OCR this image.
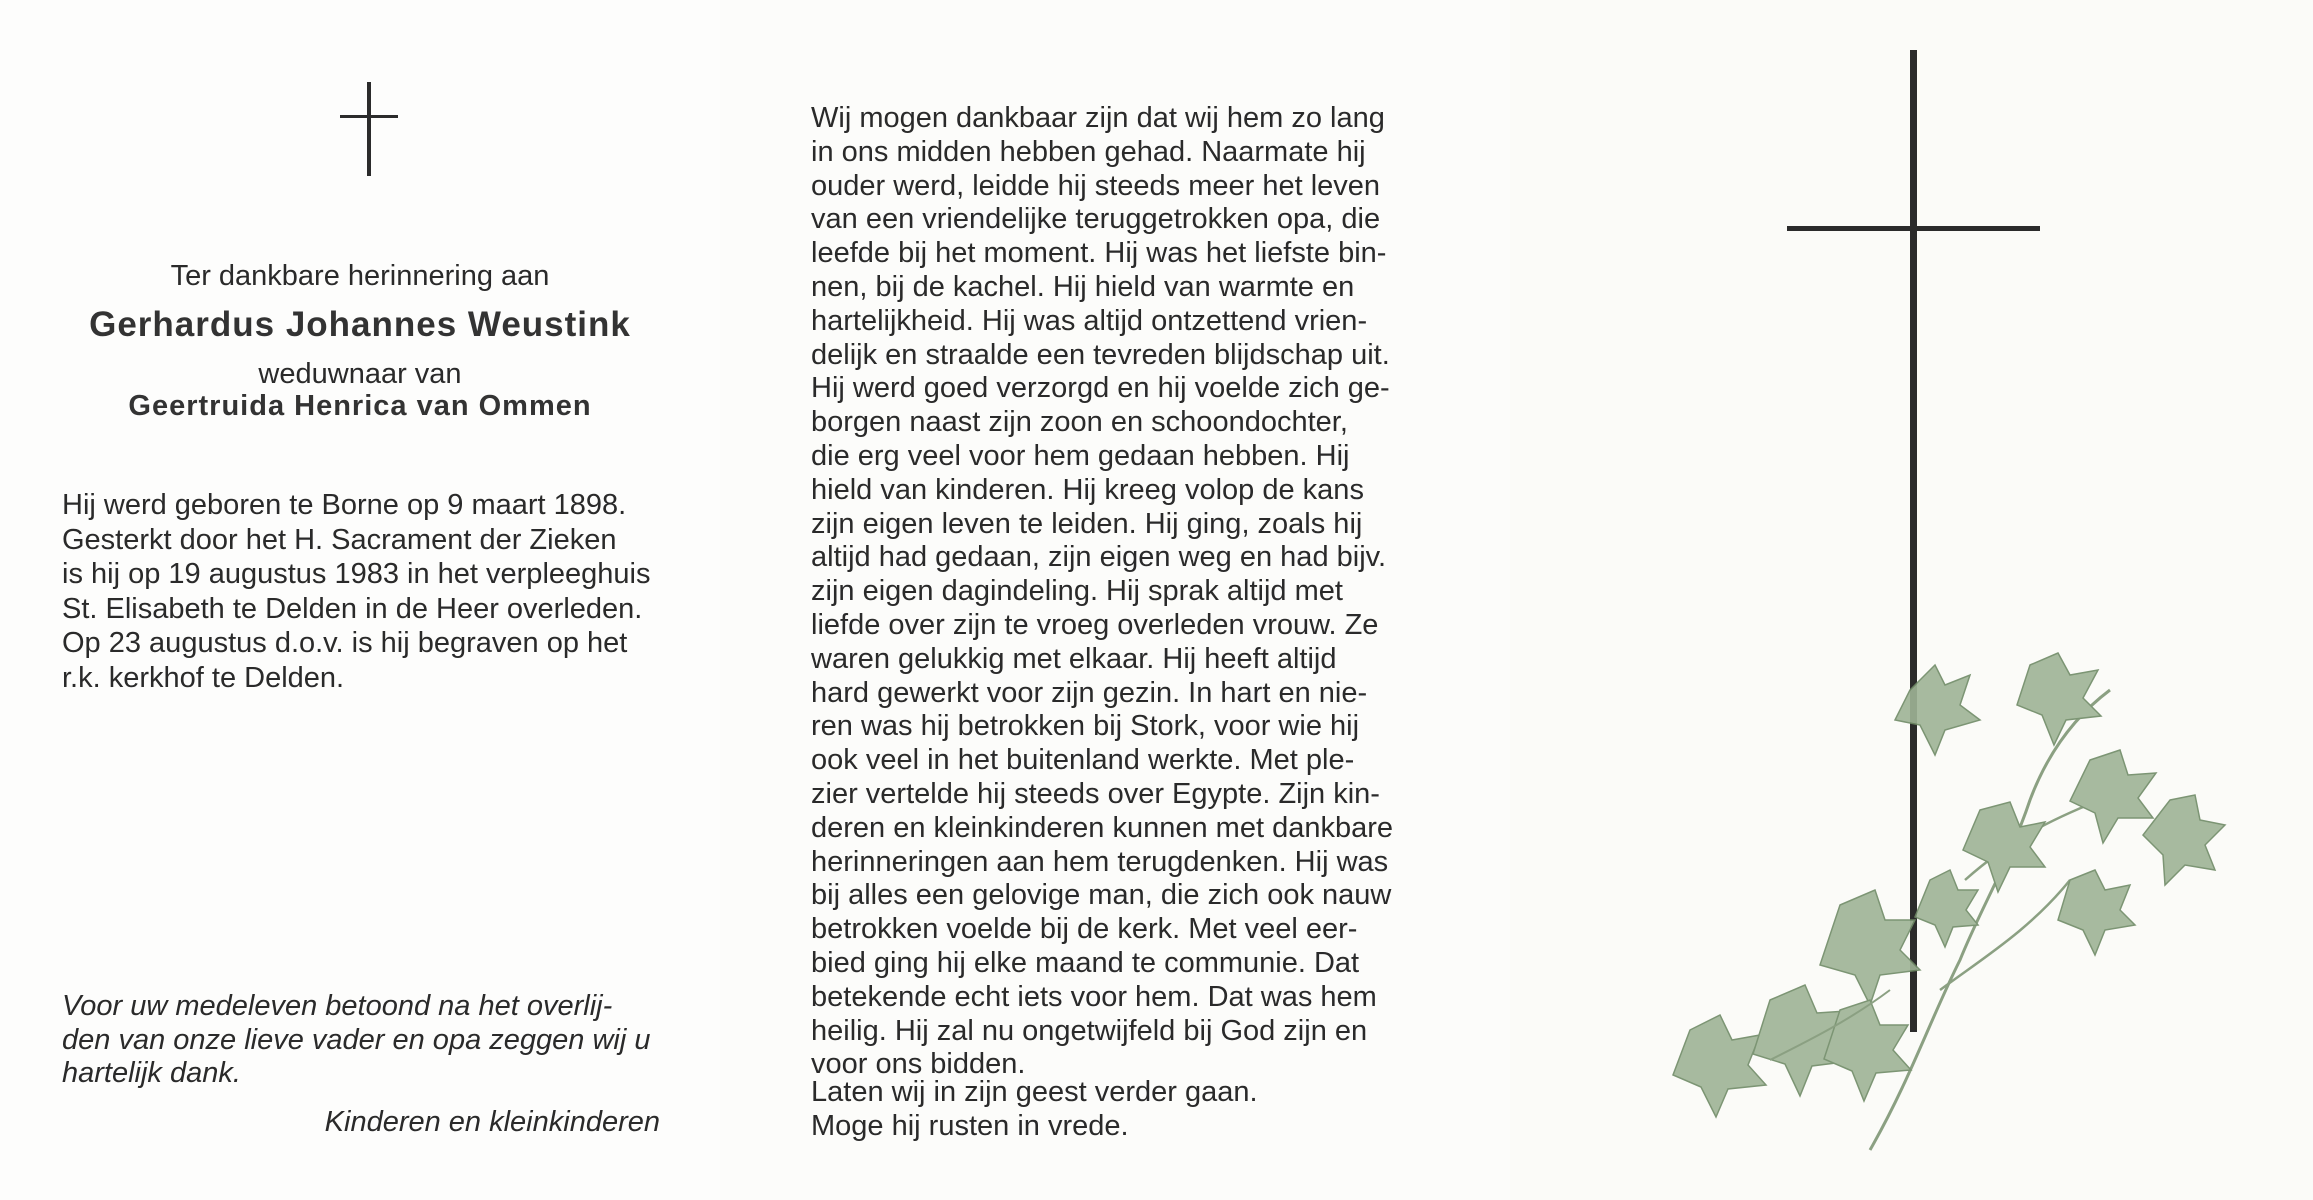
Ter dankbare herinnering aan
Gerhardus Johannes Weustink
weduwnaar van
Geertruida Henrica van Ommen
Hij werd geboren te Borne op 9 maart 1898.
Gesterkt door het H. Sacrament der Zieken
is hij op 19 augustus 1983 in het verpleeghuis
St. Elisabeth te Delden in de Heer overleden.
Op 23 augustus d.o.v. is hij begraven op het
r.k. kerkhof te Delden.
Voor uw medeleven betoond na het overlij-
den van onze lieve vader en opa zeggen wij u
hartelijk dank.
Kinderen en kleinkinderen
Wij mogen dankbaar zijn dat wij hem zo lang
in ons midden hebben gehad. Naarmate hij
ouder werd, leidde hij steeds meer het leven
van een vriendelijke teruggetrokken opa, die
leefde bij het moment. Hij was het liefste bin-
nen, bij de kachel. Hij hield van warmte en
hartelijkheid. Hij was altijd ontzettend vrien-
delijk en straalde een tevreden blijdschap uit.
Hij werd goed verzorgd en hij voelde zich ge-
borgen naast zijn zoon en schoondochter,
die erg veel voor hem gedaan hebben. Hij
hield van kinderen. Hij kreeg volop de kans
zijn eigen leven te leiden. Hij ging, zoals hij
altijd had gedaan, zijn eigen weg en had bijv.
zijn eigen dagindeling. Hij sprak altijd met
liefde over zijn te vroeg overleden vrouw. Ze
waren gelukkig met elkaar. Hij heeft altijd
hard gewerkt voor zijn gezin. In hart en nie-
ren was hij betrokken bij Stork, voor wie hij
ook veel in het buitenland werkte. Met ple-
zier vertelde hij steeds over Egypte. Zijn kin-
deren en kleinkinderen kunnen met dankbare
herinneringen aan hem terugdenken. Hij was
bij alles een gelovige man, die zich ook nauw
betrokken voelde bij de kerk. Met veel eer-
bied ging hij elke maand te communie. Dat
betekende echt iets voor hem. Dat was hem
heilig. Hij zal nu ongetwijfeld bij God zijn en
voor ons bidden.
Laten wij in zijn geest verder gaan.
Moge hij rusten in vrede.
